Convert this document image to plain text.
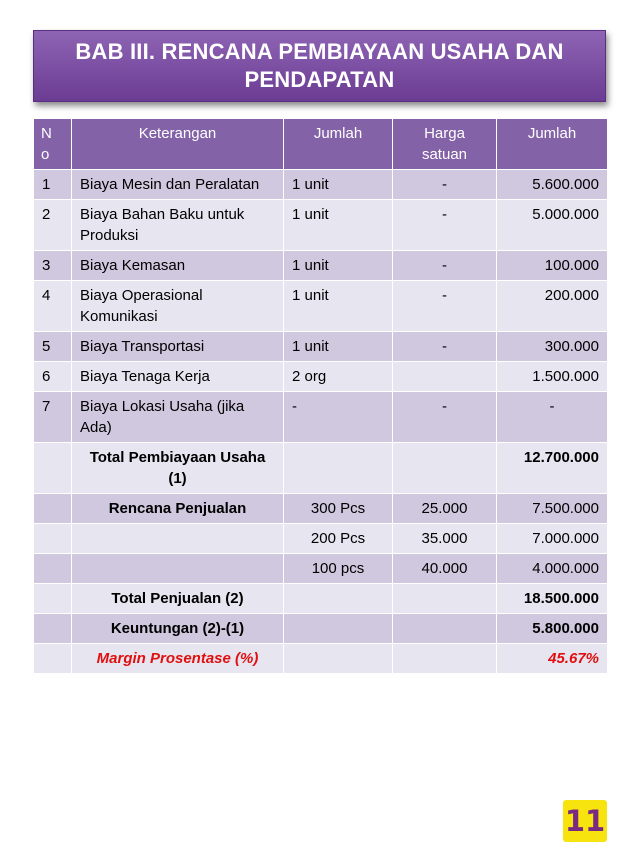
BAB III. RENCANA PEMBIAYAAN USAHA DAN PENDAPATAN
N o	Keterangan	Jumlah	Harga satuan	Jumlah
1	Biaya Mesin dan Peralatan	1 unit	-	5.600.000
2	Biaya Bahan Baku untuk Produksi	1 unit	-	5.000.000
3	Biaya Kemasan	1 unit	-	100.000
4	Biaya Operasional Komunikasi	1 unit	-	200.000
5	Biaya Transportasi	1 unit	-	300.000
6	Biaya Tenaga Kerja	2 org		1.500.000
7	Biaya Lokasi Usaha (jika Ada)	-	-	-
	Total Pembiayaan Usaha (1)			12.700.000
	Rencana Penjualan	300 Pcs	25.000	7.500.000
		200 Pcs	35.000	7.000.000
		100 pcs	40.000	4.000.000
	Total Penjualan (2)			18.500.000
	Keuntungan (2)-(1)			5.800.000
	Margin Prosentase (%)			45.67%
11
